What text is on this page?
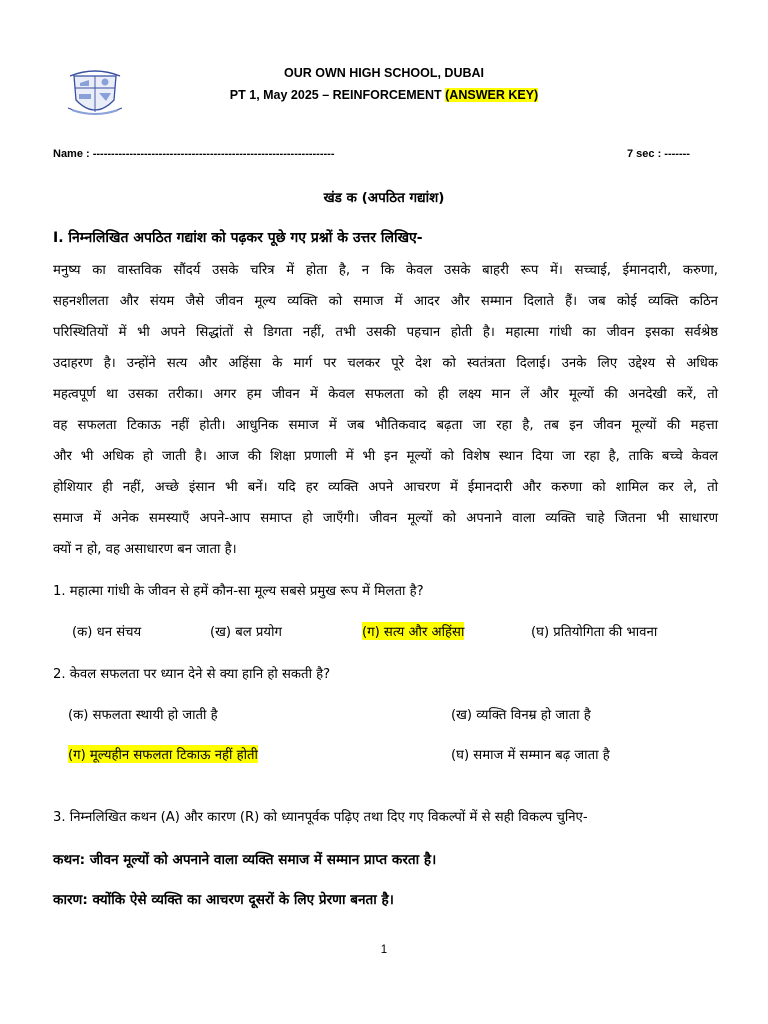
OUR OWN HIGH SCHOOL, DUBAI
PT 1, May 2025 – REINFORCEMENT (ANSWER KEY)
Name : ------------------------------------------------------------------	7 sec : -------
खंड क (अपठित गद्यांश)
I. निम्नलिखित अपठित गद्यांश को पढ़कर पूछे गए प्रश्नों के उत्तर लिखिए-
मनुष्य का वास्तविक सौंदर्य उसके चरित्र में होता है, न कि केवल उसके बाहरी रूप में। सच्चाई, ईमानदारी, करुणा,
सहनशीलता और संयम जैसे जीवन मूल्य व्यक्ति को समाज में आदर और सम्मान दिलाते हैं। जब कोई व्यक्ति कठिन
परिस्थितियों में भी अपने सिद्धांतों से डिगता नहीं, तभी उसकी पहचान होती है। महात्मा गांधी का जीवन इसका सर्वश्रेष्ठ
उदाहरण है। उन्होंने सत्य और अहिंसा के मार्ग पर चलकर पूरे देश को स्वतंत्रता दिलाई। उनके लिए उद्देश्य से अधिक
महत्वपूर्ण था उसका तरीका। अगर हम जीवन में केवल सफलता को ही लक्ष्य मान लें और मूल्यों की अनदेखी करें, तो
वह सफलता टिकाऊ नहीं होती। आधुनिक समाज में जब भौतिकवाद बढ़ता जा रहा है, तब इन जीवन मूल्यों की महत्ता
और भी अधिक हो जाती है। आज की शिक्षा प्रणाली में भी इन मूल्यों को विशेष स्थान दिया जा रहा है, ताकि बच्चे केवल
होशियार ही नहीं, अच्छे इंसान भी बनें। यदि हर व्यक्ति अपने आचरण में ईमानदारी और करुणा को शामिल कर ले, तो
समाज में अनेक समस्याएँ अपने-आप समाप्त हो जाएँगी। जीवन मूल्यों को अपनाने वाला व्यक्ति चाहे जितना भी साधारण
क्यों न हो, वह असाधारण बन जाता है।
1. महात्मा गांधी के जीवन से हमें कौन-सा मूल्य सबसे प्रमुख रूप में मिलता है?
(क) धन संचय	(ख) बल प्रयोग	(ग) सत्य और अहिंसा	(घ) प्रतियोगिता की भावना
2. केवल सफलता पर ध्यान देने से क्या हानि हो सकती है?
(क) सफलता स्थायी हो जाती है	(ख) व्यक्ति विनम्र हो जाता है
(ग) मूल्यहीन सफलता टिकाऊ नहीं होती	(घ) समाज में सम्मान बढ़ जाता है
3. निम्नलिखित कथन (A) और कारण (R) को ध्यानपूर्वक पढ़िए तथा दिए गए विकल्पों में से सही विकल्प चुनिए-
कथन: जीवन मूल्यों को अपनाने वाला व्यक्ति समाज में सम्मान प्राप्त करता है।
कारण: क्योंकि ऐसे व्यक्ति का आचरण दूसरों के लिए प्रेरणा बनता है।
1
